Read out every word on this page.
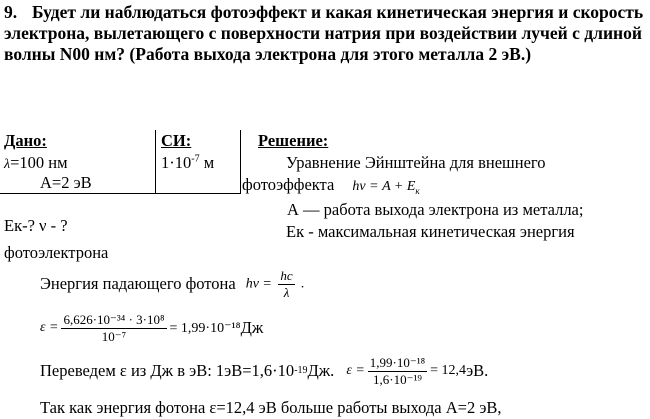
9. Будет ли наблюдаться фотоэффект и какая кинетическая энергия и скорость электрона, вылетающего с поверхности натрия при воздействии лучей с длиной волны N00 нм? (Работа выхода электрона для этого металла 2 эВ.)
Дано:
λ=100 нм
А=2 эВ
Ек-? ν - ?
СИ:
$1\cdot 10^{-7}$ м
Решение:
Уравнение Эйнштейна для внешнего
фотоэффекта $h\nu = A + E_к$
А — работа выхода электрона из металла;
Ек - максимальная кинетическая энергия
фотоэлектрона
Энергия падающего фотона $h\nu = \frac{hc}{\lambda}$ .
$\varepsilon = \frac{\text{6,626·10⁻³⁴ · 3·10⁸}}{\text{10⁻⁷}} = 1,99\cdot 10^{-18}$ Дж
Переведем ε из Дж в эВ: 1эВ=1,6·10 -19 Дж. $\varepsilon = \frac{\text{1,99·10⁻¹⁸}}{\text{1,6·10⁻¹⁹}} = 12,4$ эВ.
Так как энергия фотона ε=12,4 эВ больше работы выхода А=2 эВ,
